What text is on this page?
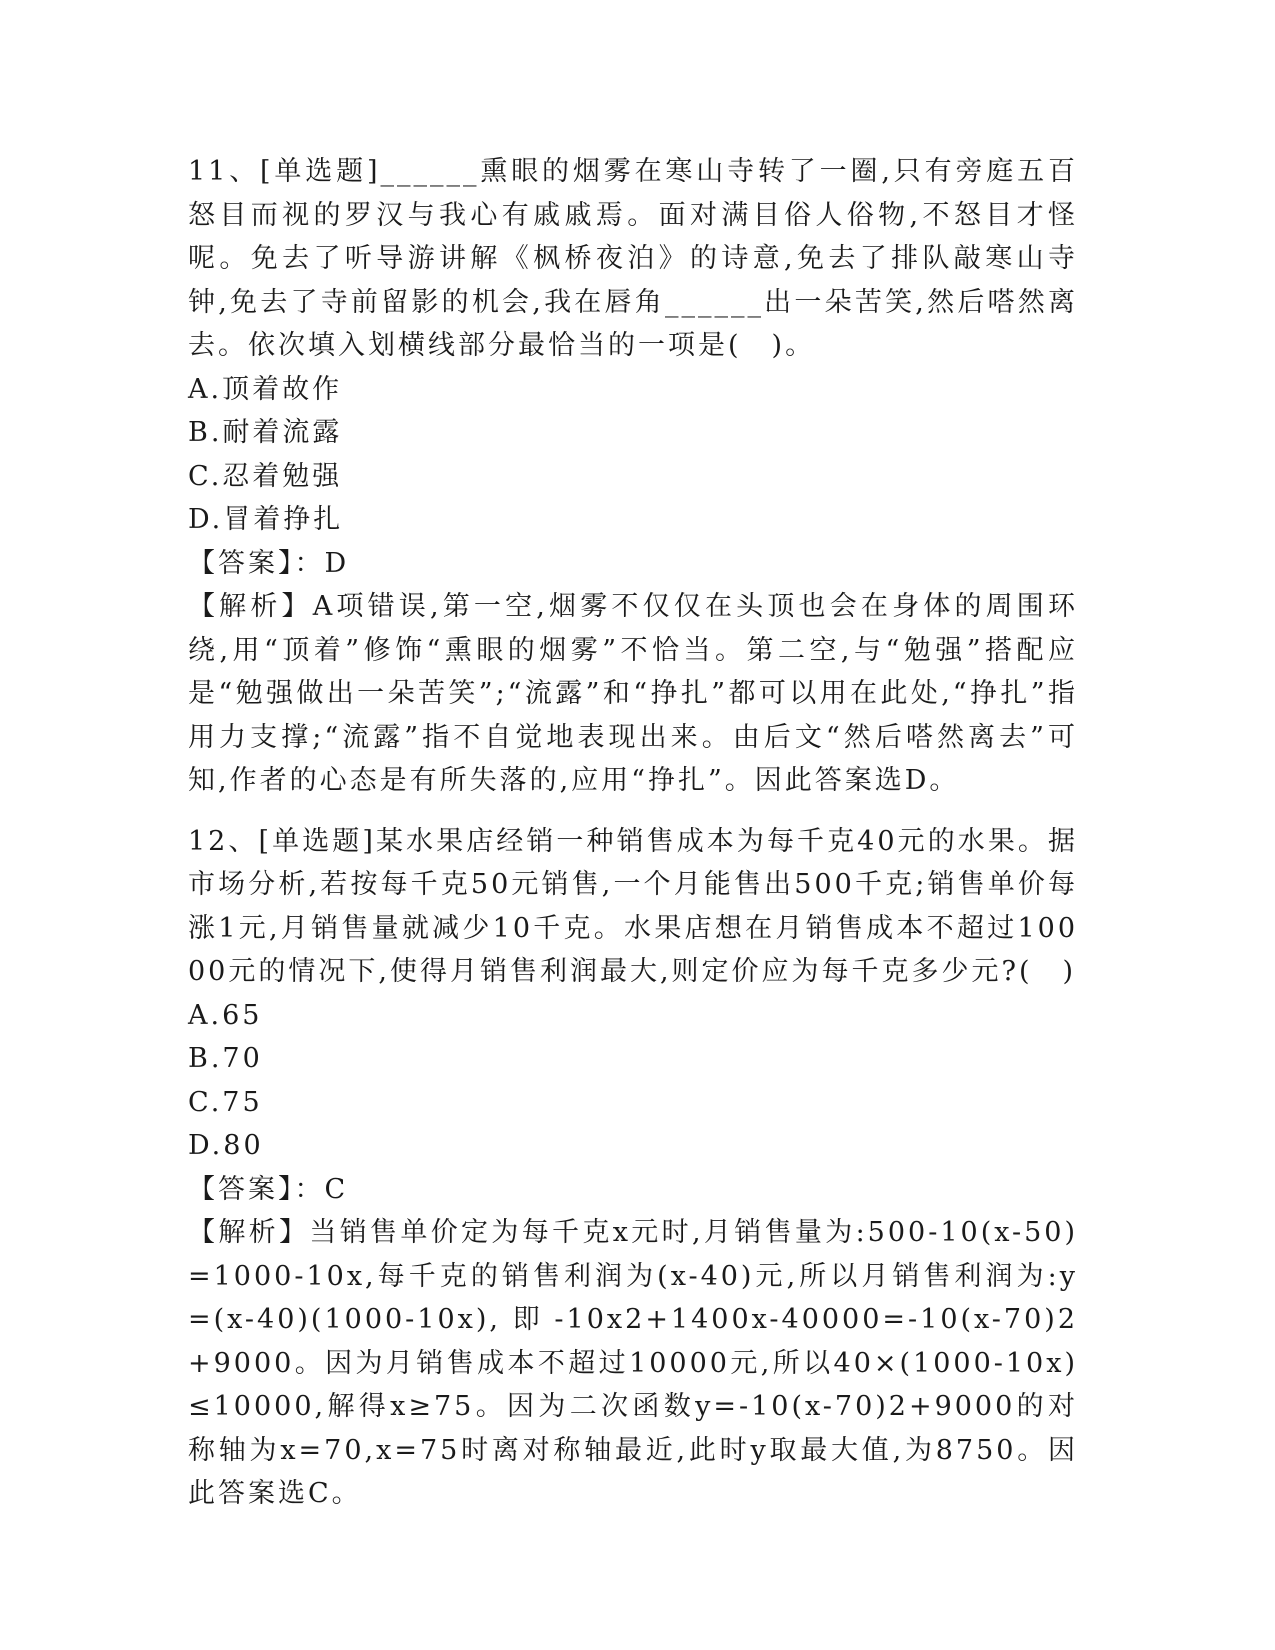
11、[单选题]______熏眼的烟雾在寒山寺转了一圈,只有旁庭五百怒目而视的罗汉与我心有戚戚焉。面对满目俗人俗物,不怒目才怪呢。免去了听导游讲解《枫桥夜泊》的诗意,免去了排队敲寒山寺钟,免去了寺前留影的机会,我在唇角______出一朵苦笑,然后嗒然离去。依次填入划横线部分最恰当的一项是(　)。

A.顶着故作
B.耐着流露
C.忍着勉强
D.冒着挣扎

【答案】：D

【解析】A项错误,第一空,烟雾不仅仅在头顶也会在身体的周围环绕,用“顶着”修饰“熏眼的烟雾”不恰当。第二空,与“勉强”搭配应是“勉强做出一朵苦笑”;“流露”和“挣扎”都可以用在此处,“挣扎”指用力支撑;“流露”指不自觉地表现出来。由后文“然后嗒然离去”可知,作者的心态是有所失落的,应用“挣扎”。因此答案选D。

12、[单选题]某水果店经销一种销售成本为每千克40元的水果。据市场分析,若按每千克50元销售,一个月能售出500千克;销售单价每涨1元,月销售量就减少10千克。水果店想在月销售成本不超过10000元的情况下,使得月销售利润最大,则定价应为每千克多少元?(　)

A.65
B.70
C.75
D.80

【答案】：C

【解析】当销售单价定为每千克x元时,月销售量为:500-10(x-50)=1000-10x,每千克的销售利润为(x-40)元,所以月销售利润为:y=(x-40)(1000-10x),即-10x2+1400x-40000=-10(x-70)2+9000。因为月销售成本不超过10000元,所以40×(1000-10x)≤10000,解得x≥75。因为二次函数y=-10(x-70)2+9000的对称轴为x=70,x=75时离对称轴最近,此时y取最大值,为8750。因此答案选C。
